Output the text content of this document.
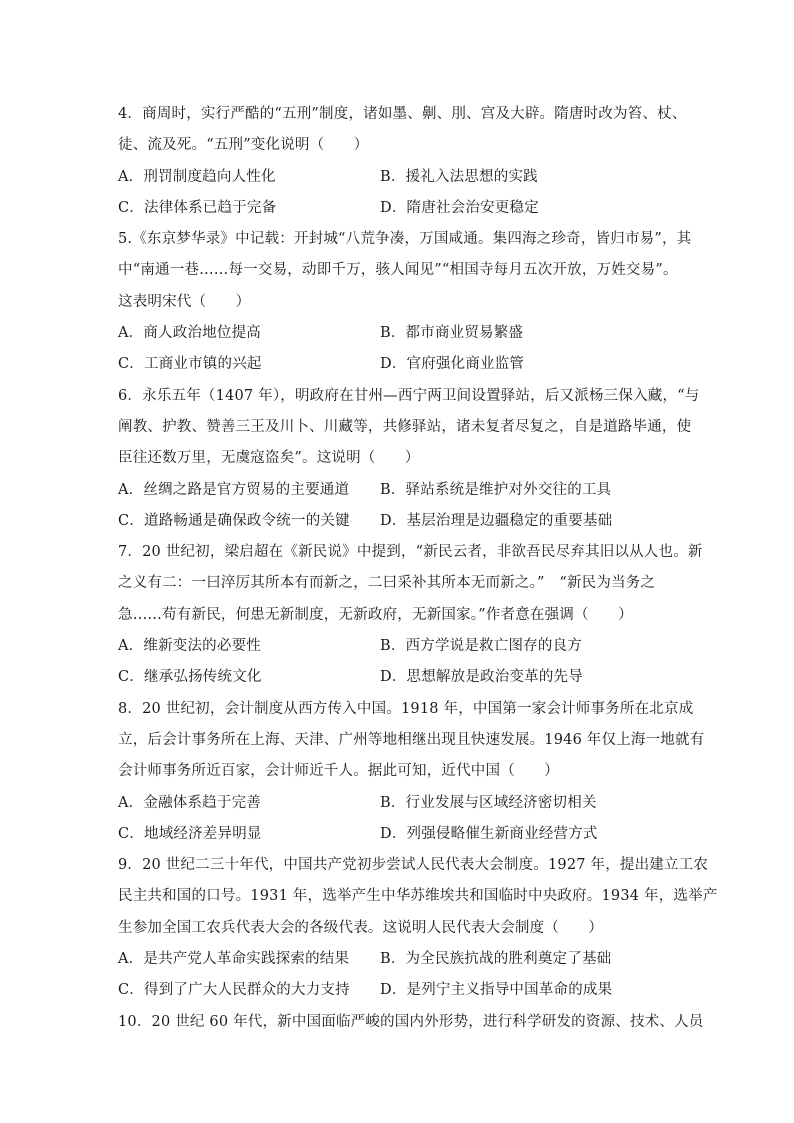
4．商周时，实行严酷的“五刑”制度，诸如墨、劓、刖、宫及大辟。隋唐时改为笞、杖、
徒、流及死。“五刑”变化说明（　　）
A．刑罚制度趋向人性化	B．援礼入法思想的实践
C．法律体系已趋于完备	D．隋唐社会治安更稳定
5.《东京梦华录》中记载：开封城“八荒争凑，万国咸通。集四海之珍奇，皆归市易”，其
中“南通一巷……每一交易，动即千万，骇人闻见”“相国寺每月五次开放，万姓交易”。
这表明宋代（　　）
A．商人政治地位提高	B．都市商业贸易繁盛
C．工商业市镇的兴起	D．官府强化商业监管
6．永乐五年（1407 年），明政府在甘州—西宁两卫间设置驿站，后又派杨三保入藏，“与
阐教、护教、赞善三王及川卜、川藏等，共修驿站，诸未复者尽复之，自是道路毕通，使
臣往还数万里，无虞寇盗矣”。这说明（　　）
A．丝绸之路是官方贸易的主要通道	B．驿站系统是维护对外交往的工具
C．道路畅通是确保政令统一的关键	D．基层治理是边疆稳定的重要基础
7．20 世纪初，梁启超在《新民说》中提到，“新民云者，非欲吾民尽弃其旧以从人也。新
之义有二：一曰淬厉其所本有而新之，二曰采补其所本无而新之。”　“新民为当务之
急……苟有新民，何患无新制度，无新政府，无新国家。”作者意在强调（　　）
A．维新变法的必要性	B．西方学说是救亡图存的良方
C．继承弘扬传统文化	D．思想解放是政治变革的先导
8．20 世纪初，会计制度从西方传入中国。1918 年，中国第一家会计师事务所在北京成
立，后会计事务所在上海、天津、广州等地相继出现且快速发展。1946 年仅上海一地就有
会计师事务所近百家，会计师近千人。据此可知，近代中国（　　）
A．金融体系趋于完善	B．行业发展与区域经济密切相关
C．地域经济差异明显	D．列强侵略催生新商业经营方式
9．20 世纪二三十年代，中国共产党初步尝试人民代表大会制度。1927 年，提出建立工农
民主共和国的口号。1931 年，选举产生中华苏维埃共和国临时中央政府。1934 年，选举产
生参加全国工农兵代表大会的各级代表。这说明人民代表大会制度（　　）
A．是共产党人革命实践探索的结果	B．为全民族抗战的胜利奠定了基础
C．得到了广大人民群众的大力支持	D．是列宁主义指导中国革命的成果
10．20 世纪 60 年代，新中国面临严峻的国内外形势，进行科学研发的资源、技术、人员
